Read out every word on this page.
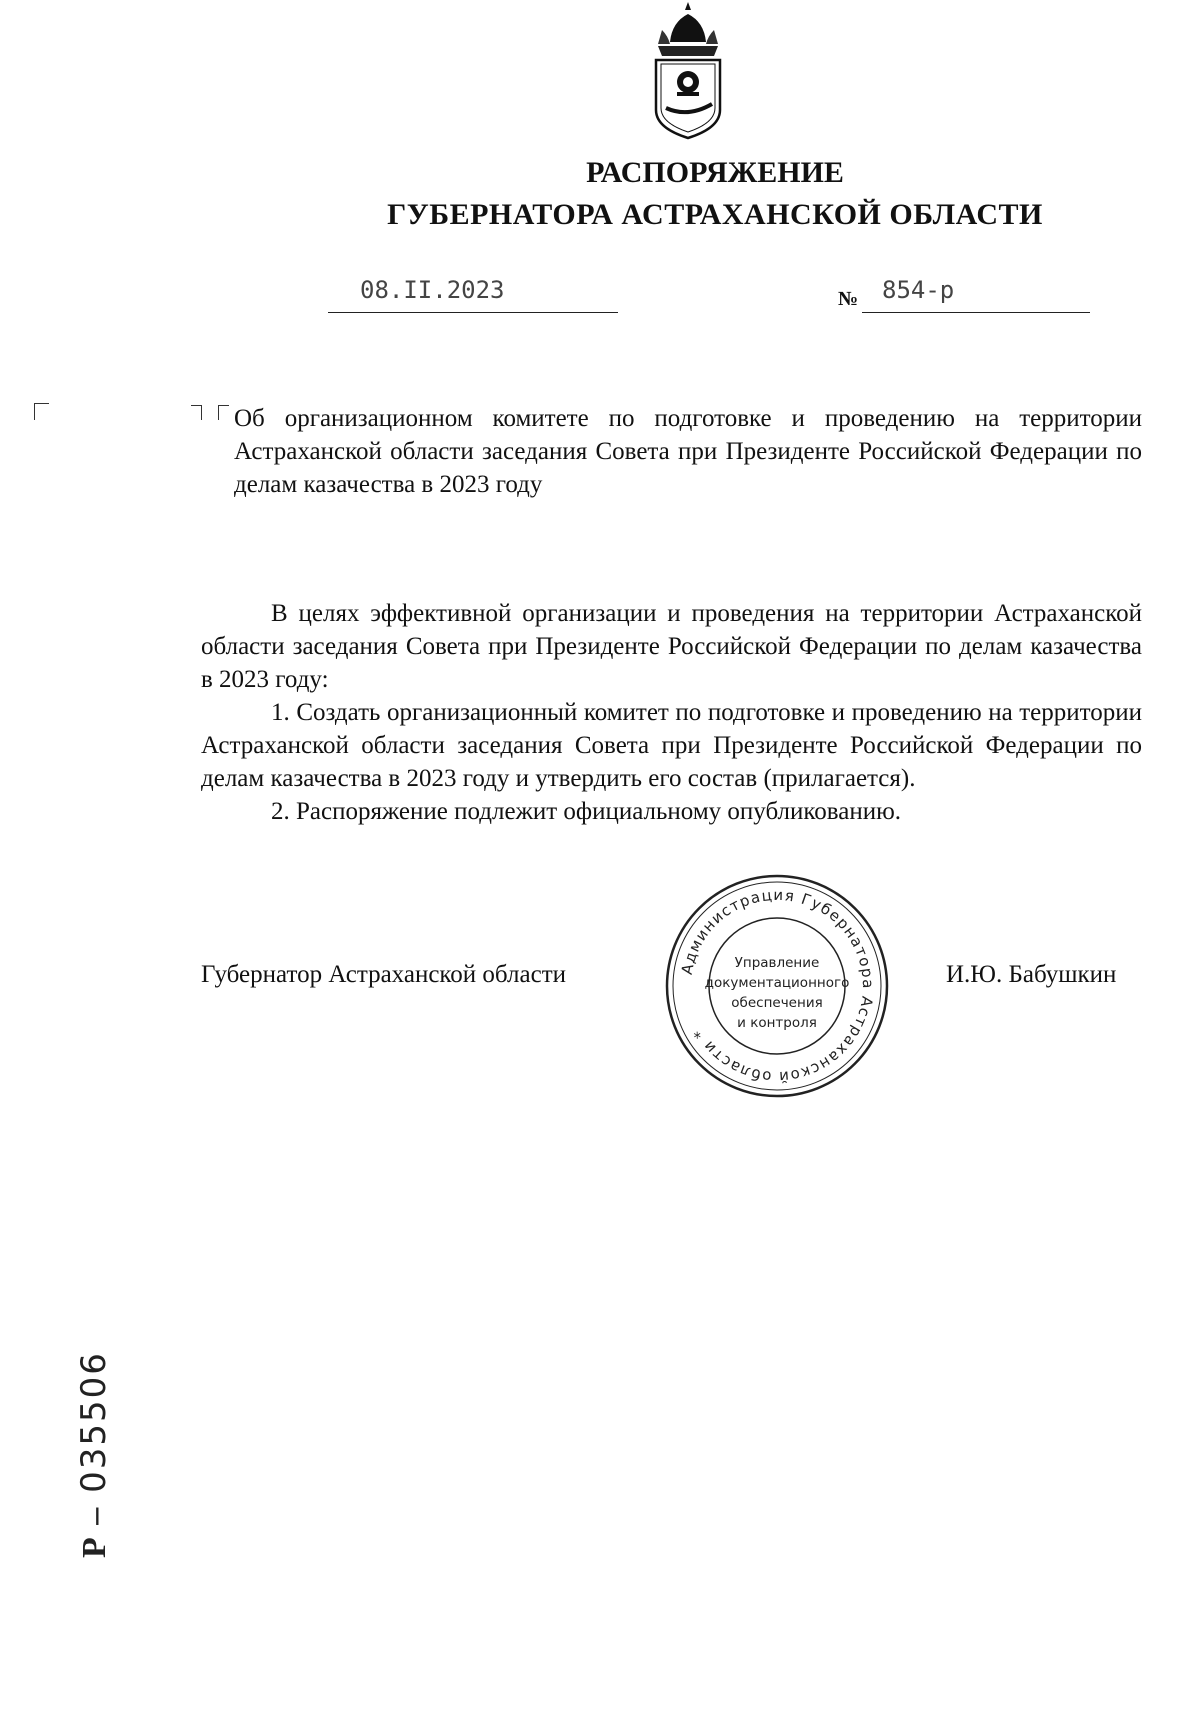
РАСПОРЯЖЕНИЕ
ГУБЕРНАТОРА АСТРАХАНСКОЙ ОБЛАСТИ
08.II.2023	№ 854-р

Об организационном комитете по подготовке и проведению на территории Астраханской области заседания Совета при Президенте Российской Федерации по делам казачества в 2023 году

В целях эффективной организации и проведения на территории Астраханской области заседания Совета при Президенте Российской Федерации по делам казачества в 2023 году:

1. Создать организационный комитет по подготовке и проведению на территории Астраханской области заседания Совета при Президенте Российской Федерации по делам казачества в 2023 году и утвердить его состав (прилагается).

2. Распоряжение подлежит официальному опубликованию.

Губернатор Астраханской области	И.Ю. Бабушкин

Администрация Губернатора Астраханской области *
Управление
документационного
обеспечения
и контроля
Р – 035506
